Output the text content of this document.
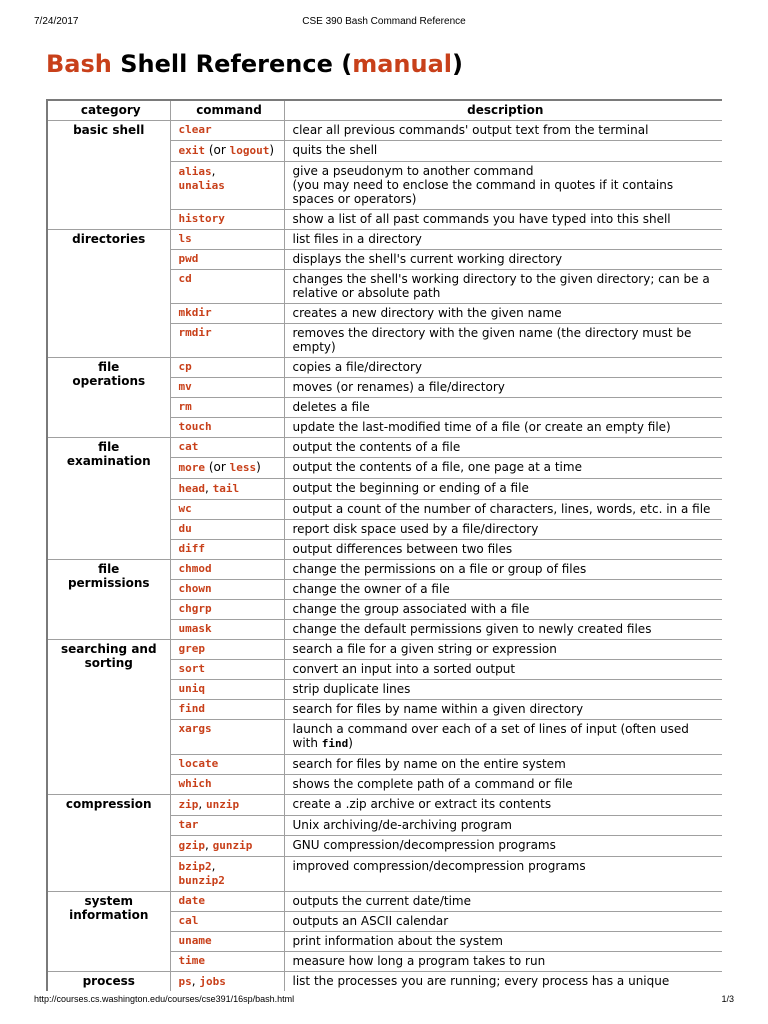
7/24/2017	CSE 390 Bash Command Reference
Bash Shell Reference (manual)
category	command	description
basic shell	clear	clear all previous commands' output text from the terminal
	exit (or logout)	quits the shell
	alias,
unalias	give a pseudonym to another command
(you may need to enclose the command in quotes if it contains spaces or operators)
	history	show a list of all past commands you have typed into this shell
directories	ls	list files in a directory
	pwd	displays the shell's current working directory
	cd	changes the shell's working directory to the given directory; can be a relative or absolute path
	mkdir	creates a new directory with the given name
	rmdir	removes the directory with the given name (the directory must be empty)
file
operations	cp	copies a file/directory
	mv	moves (or renames) a file/directory
	rm	deletes a file
	touch	update the last-modified time of a file (or create an empty file)
file
examination	cat	output the contents of a file
	more (or less)	output the contents of a file, one page at a time
	head, tail	output the beginning or ending of a file
	wc	output a count of the number of characters, lines, words, etc. in a file
	du	report disk space used by a file/directory
	diff	output differences between two files
file
permissions	chmod	change the permissions on a file or group of files
	chown	change the owner of a file
	chgrp	change the group associated with a file
	umask	change the default permissions given to newly created files
searching and
sorting	grep	search a file for a given string or expression
	sort	convert an input into a sorted output
	uniq	strip duplicate lines
	find	search for files by name within a given directory
	xargs	launch a command over each of a set of lines of input (often used with find)
	locate	search for files by name on the entire system
	which	shows the complete path of a command or file
compression	zip, unzip	create a .zip archive or extract its contents
	tar	Unix archiving/de-archiving program
	gzip, gunzip	GNU compression/decompression programs
	bzip2,
bunzip2	improved compression/decompression programs
system
information	date	outputs the current date/time
	cal	outputs an ASCII calendar
	uname	print information about the system
	time	measure how long a program takes to run
process	ps, jobs	list the processes you are running; every process has a unique
http://courses.cs.washington.edu/courses/cse391/16sp/bash.html	1/3
